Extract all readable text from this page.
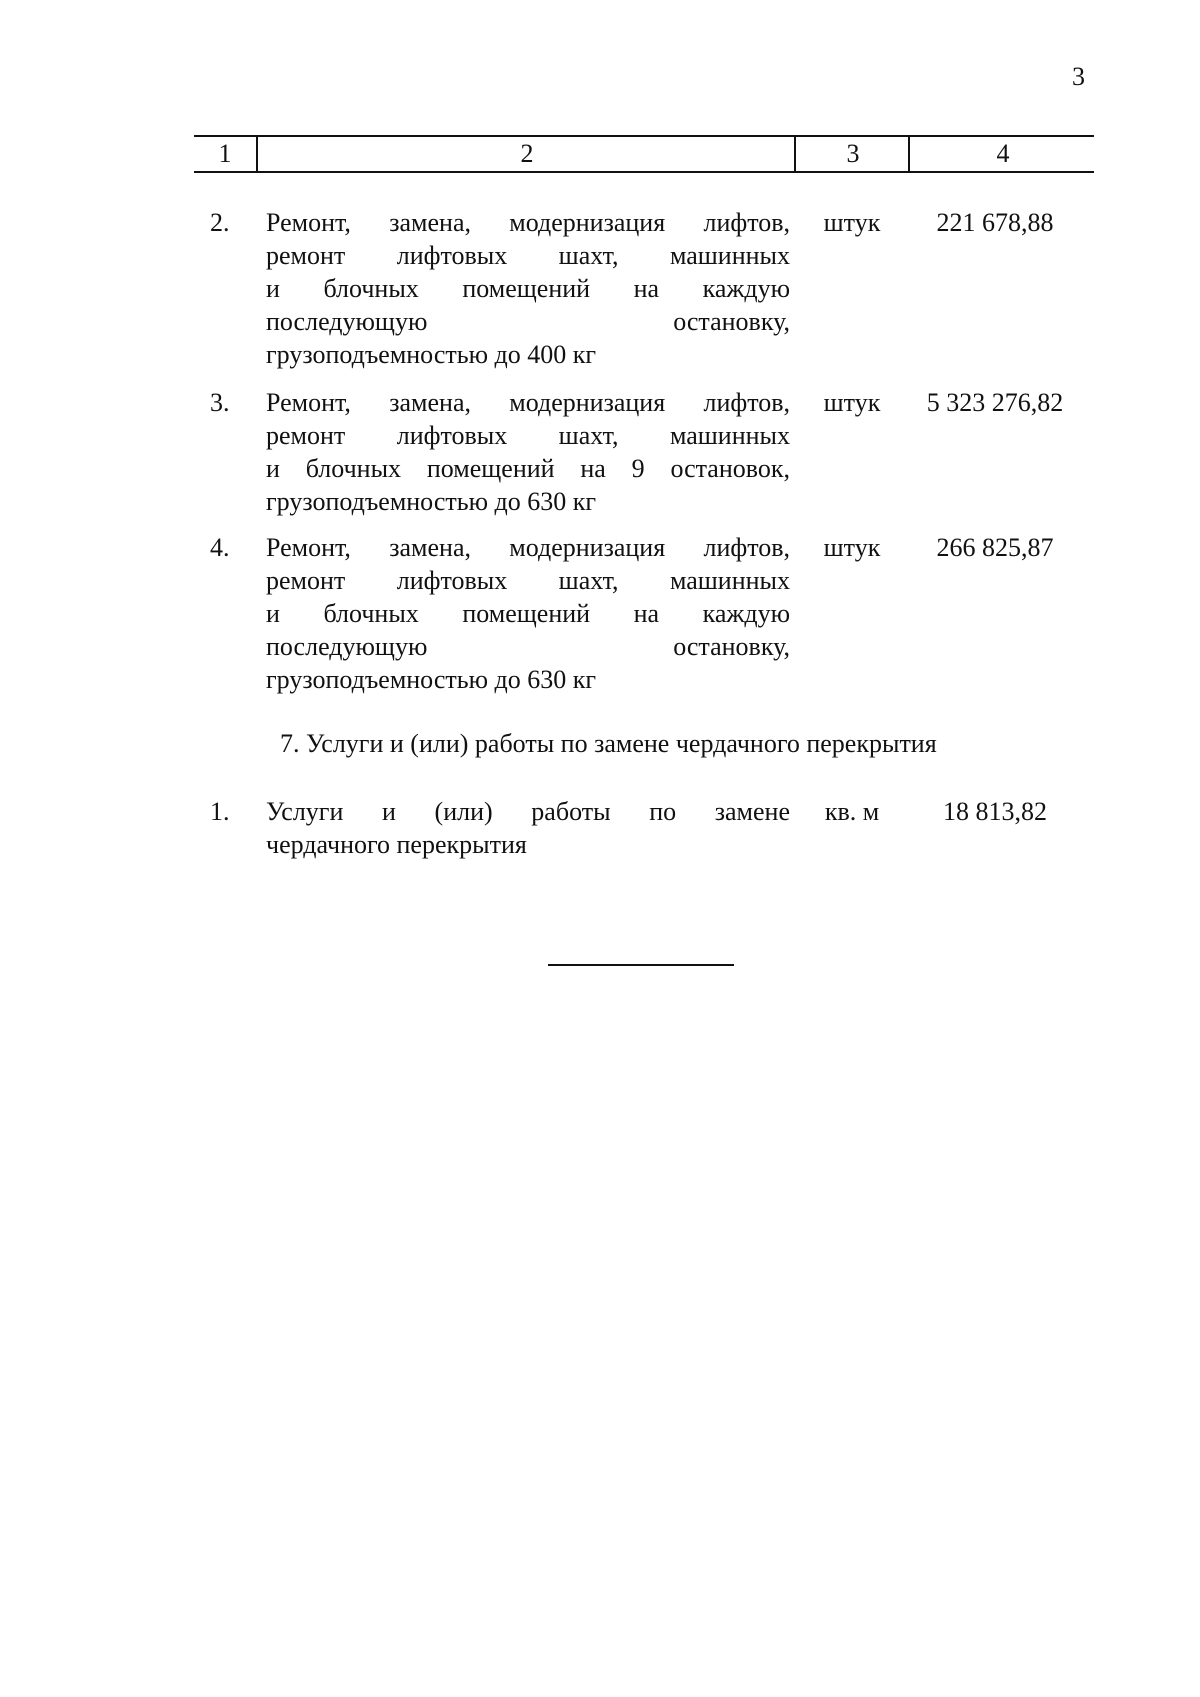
3
1	2	3	4
2. Ремонт, замена, модернизация лифтов,
ремонт лифтовых шахт, машинных
и блочных помещений на каждую
последующую остановку,
грузоподъемностью до 400 кг
штук	221 678,88
3. Ремонт, замена, модернизация лифтов,
ремонт лифтовых шахт, машинных
и блочных помещений на 9 остановок,
грузоподъемностью до 630 кг
штук	5 323 276,82
4. Ремонт, замена, модернизация лифтов,
ремонт лифтовых шахт, машинных
и блочных помещений на каждую
последующую остановку,
грузоподъемностью до 630 кг
штук	266 825,87
7. Услуги и (или) работы по замене чердачного перекрытия
1. Услуги и (или) работы по замене
чердачного перекрытия
кв. м	18 813,82
